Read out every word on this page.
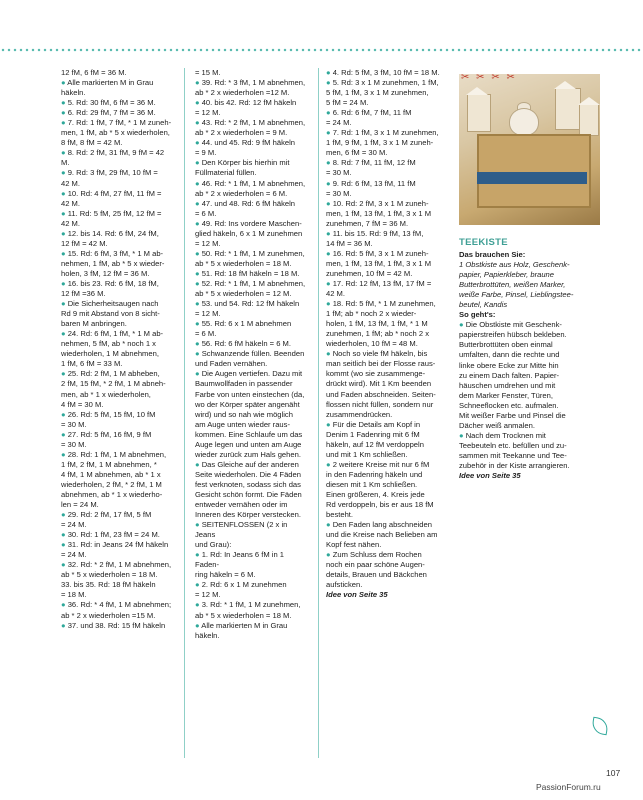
12 fM, 6 fM = 36 M.

● Alle markierten M in Grau

häkeln.

● 5. Rd: 30 fM, 6 fM = 36 M.

● 6. Rd: 29 fM, 7 fM = 36 M.

● 7. Rd: 1 fM, 7 fM, * 1 M zuneh-

men, 1 fM, ab * 5 x wiederholen,

8 fM, 8 fM = 42 M.

● 8. Rd: 2 fM, 31 fM, 9 fM = 42 M.

● 9. Rd: 3 fM, 29 fM, 10 fM =

42 M.

● 10. Rd: 4 fM, 27 fM, 11 fM =

42 M.

● 11. Rd: 5 fM, 25 fM, 12 fM =

42 M.

● 12. bis 14. Rd: 6 fM, 24 fM,

12 fM = 42 M.

● 15. Rd: 6 fM, 3 fM, * 1 M ab-

nehmen, 1 fM, ab * 5 x wieder-

holen, 3 fM, 12 fM = 36 M.

● 16. bis 23. Rd: 6 fM, 18 fM,

12 fM =36 M.

● Die Sicherheitsaugen nach

Rd 9 mit Abstand von 8 sicht-

baren M anbringen.

● 24. Rd: 6 fM, 1 fM, * 1 M ab-

nehmen, 5 fM, ab * noch 1 x

wiederholen, 1 M abnehmen,

1 fM, 6 fM = 33 M.

● 25. Rd: 2 fM, 1 M abheben,

2 fM, 15 fM, * 2 fM, 1 M abneh-

men, ab * 1 x wiederholen,

4 fM = 30 M.

● 26. Rd: 5 fM, 15 fM, 10 fM

= 30 M.

● 27. Rd: 5 fM, 16 fM, 9 fM

= 30 M.

● 28. Rd: 1 fM, 1 M abnehmen,

1 fM, 2 fM, 1 M abnehmen, *

4 fM, 1 M abnehmen, ab * 1 x

wiederholen, 2 fM, * 2 fM, 1 M

abnehmen, ab * 1 x wiederho-

len = 24 M.

● 29. Rd: 2 fM, 17 fM, 5 fM

= 24 M.

● 30. Rd: 1 fM, 23 fM = 24 M.

● 31. Rd: in Jeans 24 fM häkeln

= 24 M.

● 32. Rd: * 2 fM, 1 M abnehmen,

ab * 5 x wiederholen = 18 M.

33. bis 35. Rd: 18 fM häkeln

= 18 M.

● 36. Rd: * 4 fM, 1 M abnehmen;

ab * 2 x wiederholen =15 M.

● 37. und 38. Rd: 15 fM häkeln

= 15 M.

● 39. Rd: * 3 fM, 1 M abnehmen,

ab * 2 x wiederholen =12 M.

● 40. bis 42. Rd: 12 fM häkeln

= 12 M.

● 43. Rd: * 2 fM, 1 M abnehmen,

ab * 2 x wiederholen = 9 M.

● 44. und 45. Rd: 9 fM häkeln

= 9 M.

● Den Körper bis hierhin mit

Füllmaterial füllen.

● 46. Rd: * 1 fM, 1 M abnehmen,

ab * 2 x wiederholen = 6 M.

● 47. und 48. Rd: 6 fM häkeln

= 6 M.

● 49. Rd: Ins vordere Maschen-

glied häkeln, 6 x 1 M zunehmen

= 12 M.

● 50. Rd: * 1 fM, 1 M zunehmen,

ab * 5 x wiederholen = 18 M.

● 51. Rd: 18 fM häkeln = 18 M.

● 52. Rd: * 1 fM, 1 M abnehmen,

ab * 5 x wiederholen = 12 M.

● 53. und 54. Rd: 12 fM häkeln

= 12 M.

● 55. Rd: 6 x 1 M abnehmen

= 6 M.

● 56. Rd: 6 fM häkeln = 6 M.

● Schwanzende füllen. Beenden

und Faden vernähen.

● Die Augen vertiefen. Dazu mit

Baumwollfaden in passender

Farbe von unten einstechen (da,

wo der Körper später angenäht

wird) und so nah wie möglich

am Auge unten wieder raus-

kommen. Eine Schlaufe um das

Auge legen und unten am Auge

wieder zurück zum Hals gehen.

● Das Gleiche auf der anderen

Seite wiederholen. Die 4 Fäden

fest verknoten, sodass sich das

Gesicht schön formt. Die Fäden

entweder vernähen oder im

Inneren des Körper verstecken.

● SEITENFLOSSEN (2 x in Jeans

und Grau):

● 1. Rd: In Jeans 6 fM in 1 Faden-

ring häkeln = 6 M.

● 2. Rd: 6 x 1 M zunehmen

= 12 M.

● 3. Rd: * 1 fM, 1 M zunehmen,

ab * 5 x wiederholen = 18 M.

● Alle markierten M in Grau

häkeln.

● 4. Rd: 5 fM, 3 fM, 10 fM = 18 M.

● 5. Rd: 3 x 1 M zunehmen, 1 fM,

5 fM, 1 fM, 3 x 1 M zunehmen,

5 fM = 24 M.

● 6. Rd: 6 fM, 7 fM, 11 fM

= 24 M.

● 7. Rd: 1 fM, 3 x 1 M zunehmen,

1 fM, 9 fM, 1 fM, 3 x 1 M zuneh-

men, 6 fM = 30 M.

● 8. Rd: 7 fM, 11 fM, 12 fM

= 30 M.

● 9. Rd: 6 fM, 13 fM, 11 fM

= 30 M.

● 10. Rd: 2 fM, 3 x 1 M zuneh-

men, 1 fM, 13 fM, 1 fM, 3 x 1 M

zunehmen, 7 fM = 36 M.

● 11. bis 15. Rd: 9 fM, 13 fM,

14 fM = 36 M.

● 16. Rd: 5 fM, 3 x 1 M zuneh-

men, 1 fM, 13 fM, 1 fM, 3 x 1 M

zunehmen, 10 fM = 42 M.

● 17. Rd: 12 fM, 13 fM, 17 fM =

42 M.

● 18. Rd: 5 fM, * 1 M zunehmen,

1 fM; ab * noch 2 x wieder-

holen, 1 fM, 13 fM, 1 fM, * 1 M

zunehmen, 1 fM; ab * noch 2 x

wiederholen, 10 fM = 48 M.

● Noch so viele fM häkeln, bis

man seitlich bei der Flosse raus-

kommt (wo sie zusammenge-

drückt wird). Mit 1 Km beenden

und Faden abschneiden. Seiten-

flossen nicht füllen, sondern nur

zusammendrücken.

● Für die Details am Kopf in

Denim 1 Fadenring mit 6 fM

häkeln, auf 12 fM verdoppeln

und mit 1 Km schließen.

● 2 weitere Kreise mit nur 6 fM

in den Fadenring häkeln und

diesen mit 1 Km schließen.

Einen größeren, 4. Kreis jede

Rd verdoppeln, bis er aus 18 fM

besteht.

● Den Faden lang abschneiden

und die Kreise nach Belieben am

Kopf fest nähen.

● Zum Schluss dem Rochen

noch ein paar schöne Augen-

details, Brauen und Bäckchen

aufsticken.

Idee von Seite 35

✂ ✂ ✂ ✂
TEEKISTE

Das brauchen Sie:

1 Obstkiste aus Holz, Geschenk-

papier, Papierkleber, braune

Butterbrottüten, weißen Marker,

weiße Farbe, Pinsel, Lieblingstee-

beutel, Kandis

So geht's:

● Die Obstkiste mit Geschenk-

papierstreifen hübsch bekleben.

Butterbrottüten oben einmal

umfalten, dann die rechte und

linke obere Ecke zur Mitte hin

zu einem Dach falten. Papier-

häuschen umdrehen und mit

dem Marker Fenster, Türen,

Schneeflocken etc. aufmalen.

Mit weißer Farbe und Pinsel die

Dächer weiß anmalen.

● Nach dem Trocknen mit

Teebeuteln etc. befüllen und zu-

sammen mit Teekanne und Tee-

zubehör in der Kiste arrangieren.

Idee von Seite 35

107
PassionForum.ru
